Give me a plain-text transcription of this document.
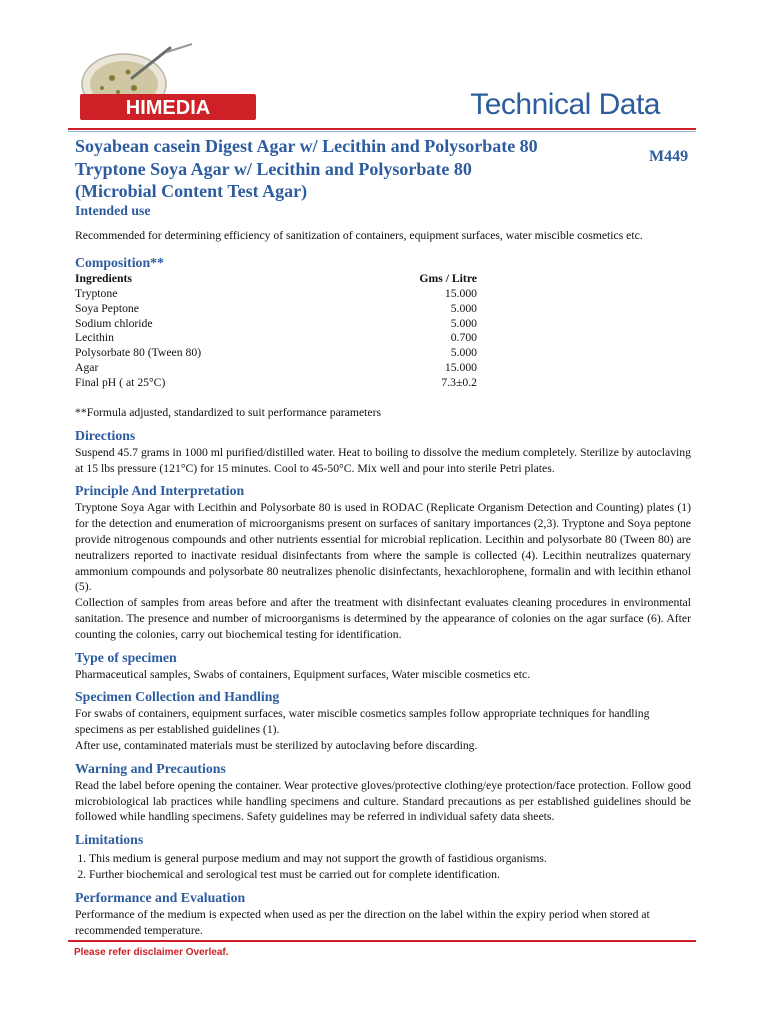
HIMEDIA	Technical Data
Soyabean casein Digest Agar w/ Lecithin and Polysorbate 80
Tryptone Soya Agar w/ Lecithin and Polysorbate 80
(Microbial Content Test Agar)
M449
Intended use

Recommended for determining efficiency of sanitization of containers, equipment surfaces, water miscible cosmetics etc.

Composition**
Ingredients	Gms / Litre
Tryptone	15.000
Soya Peptone	5.000
Sodium chloride	5.000
Lecithin	0.700
Polysorbate 80 (Tween 80)	5.000
Agar	15.000
Final pH ( at 25°C)	7.3±0.2

**Formula adjusted, standardized to suit performance parameters

Directions

Suspend 45.7 grams in 1000 ml purified/distilled water. Heat to boiling to dissolve the medium completely. Sterilize by autoclaving at 15 lbs pressure (121°C) for 15 minutes. Cool to 45-50°C. Mix well and pour into sterile Petri plates.

Principle And Interpretation

Tryptone Soya Agar with Lecithin and Polysorbate 80 is used in RODAC (Replicate Organism Detection and Counting) plates (1) for the detection and enumeration of microorganisms present on surfaces of sanitary importances (2,3). Tryptone and Soya peptone provide nitrogenous compounds and other nutrients essential for microbial replication. Lecithin and polysorbate 80 (Tween 80) are neutralizers reported to inactivate residual disinfectants from where the sample is collected (4). Lecithin neutralizes quaternary ammonium compounds and polysorbate 80 neutralizes phenolic disinfectants, hexachlorophene, formalin and with lecithin ethanol (5).

Collection of samples from areas before and after the treatment with disinfectant evaluates cleaning procedures in environmental sanitation. The presence and number of microorganisms is determined by the appearance of colonies on the agar surface (6). After counting the colonies, carry out biochemical testing for identification.

Type of specimen

Pharmaceutical samples, Swabs of containers, Equipment surfaces, Water miscible cosmetics etc.

Specimen Collection and Handling

For swabs of containers, equipment surfaces, water miscible cosmetics samples follow appropriate techniques for handling specimens as per established guidelines (1).

After use, contaminated materials must be sterilized by autoclaving before discarding.

Warning and Precautions

Read the label before opening the container. Wear protective gloves/protective clothing/eye protection/face protection. Follow good microbiological lab practices while handling specimens and culture. Standard precautions as per established guidelines should be followed while handling specimens. Safety guidelines may be referred in individual safety data sheets.

Limitations
1. This medium is general purpose medium and may not support the growth of fastidious organisms.
2. Further biochemical and serological test must be carried out for complete identification.
Performance and Evaluation

Performance of the medium is expected when used as per the direction on the label within the expiry period when stored at recommended temperature.

Please refer disclaimer Overleaf.
